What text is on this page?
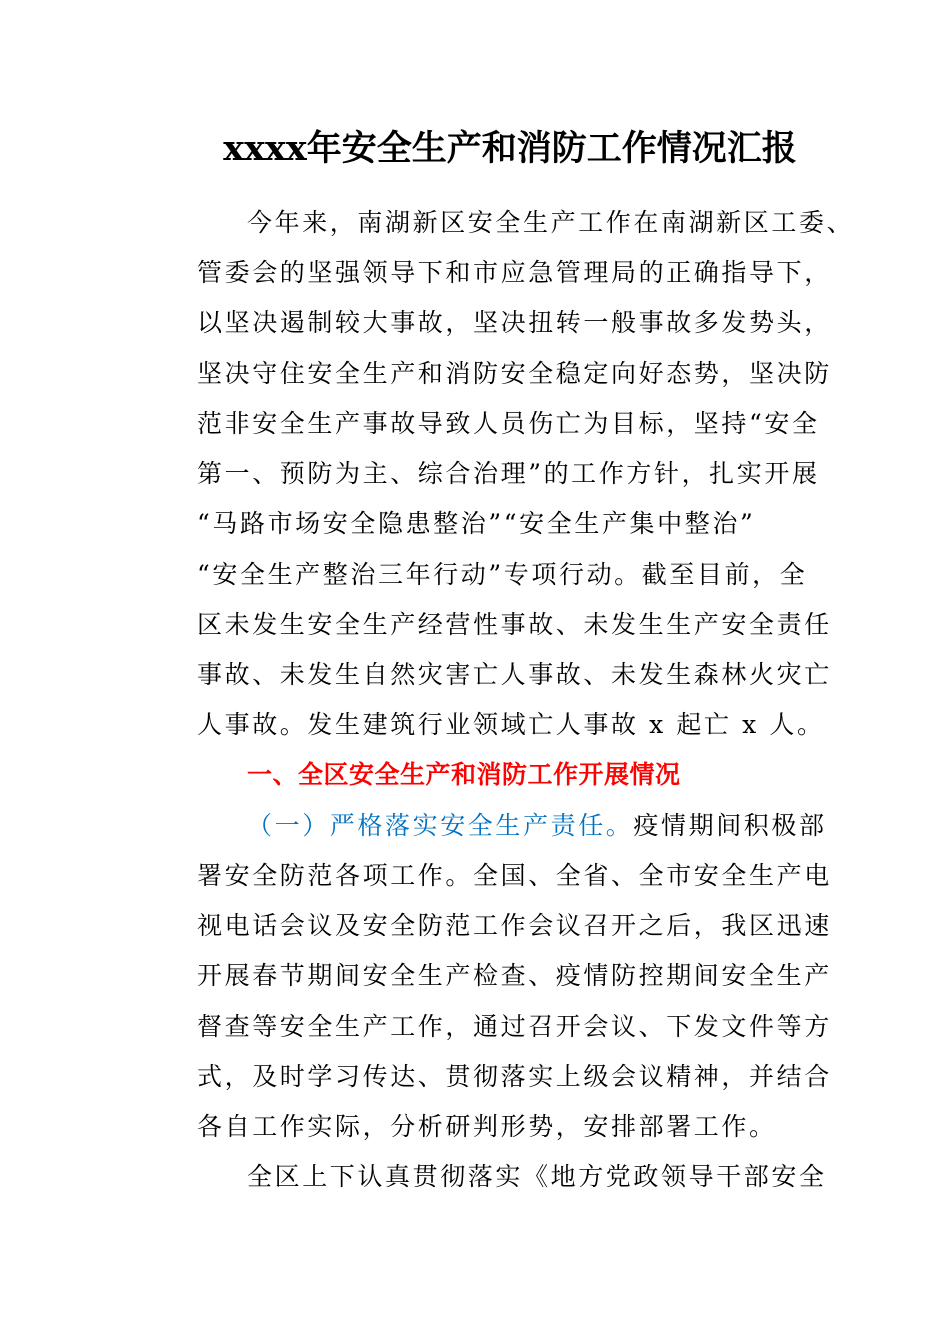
xxxx年安全生产和消防工作情况汇报
今年来，南湖新区安全生产工作在南湖新区工委、
管委会的坚强领导下和市应急管理局的正确指导下，
以坚决遏制较大事故，坚决扭转一般事故多发势头，
坚决守住安全生产和消防安全稳定向好态势，坚决防
范非安全生产事故导致人员伤亡为目标，坚持“安全
第一、预防为主、综合治理”的工作方针，扎实开展
“马路市场安全隐患整治”“安全生产集中整治”
“安全生产整治三年行动”专项行动。截至目前，全
区未发生安全生产经营性事故、未发生生产安全责任
事故、未发生自然灾害亡人事故、未发生森林火灾亡
人事故。发生建筑行业领域亡人事故 x 起亡 x 人。
一、全区安全生产和消防工作开展情况
（一）严格落实安全生产责任。疫情期间积极部
署安全防范各项工作。全国、全省、全市安全生产电
视电话会议及安全防范工作会议召开之后，我区迅速
开展春节期间安全生产检查、疫情防控期间安全生产
督查等安全生产工作，通过召开会议、下发文件等方
式，及时学习传达、贯彻落实上级会议精神，并结合
各自工作实际，分析研判形势，安排部署工作。
全区上下认真贯彻落实《地方党政领导干部安全
